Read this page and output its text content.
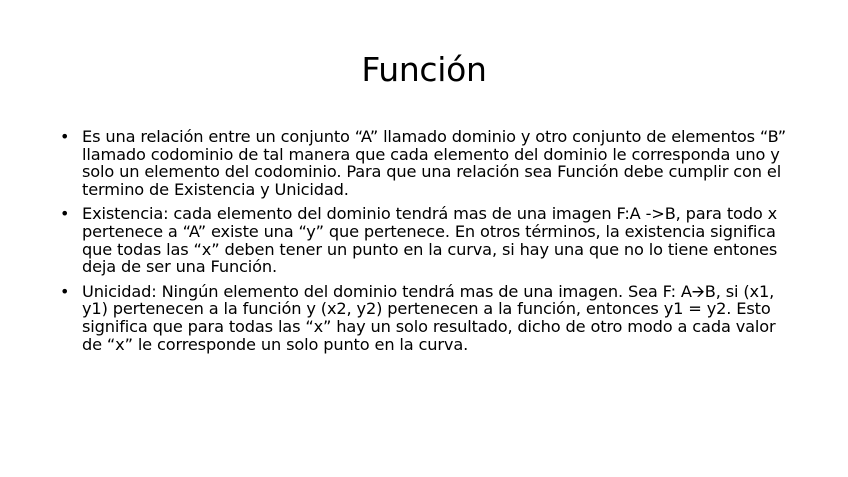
Función
• Es una relación entre un conjunto “A” llamado dominio y otro conjunto de elementos “B” llamado codominio de tal manera que cada elemento del dominio le corresponda uno y solo un elemento del codominio. Para que una relación sea Función debe cumplir con el termino de Existencia y Unicidad.
• Existencia: cada elemento del dominio tendrá mas de una imagen F:A ->B, para todo x pertenece a “A” existe una “y” que pertenece. En otros términos, la existencia significa que todas las “x” deben tener un punto en la curva, si hay una que no lo tiene entones deja de ser una Función.
• Unicidad: Ningún elemento del dominio tendrá mas de una imagen. Sea F: A🡪B, si (x1, y1) pertenecen a la función y (x2, y2) pertenecen a la función, entonces y1 = y2. Esto significa que para todas las “x” hay un solo resultado, dicho de otro modo a cada valor de “x” le corresponde un solo punto en la curva.
